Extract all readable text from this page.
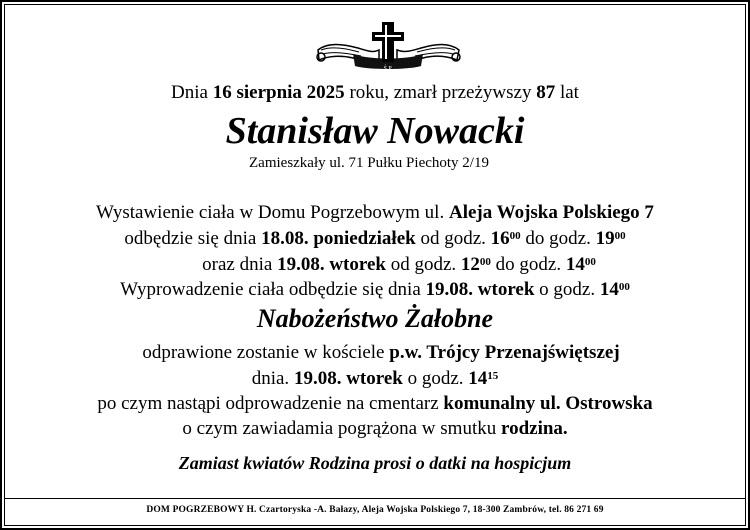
Ś.P.
Dnia 16 sierpnia 2025 roku, zmarł przeżywszy 87 lat
Stanisław Nowacki
Zamieszkały ul. 71 Pułku Piechoty 2/19
Wystawienie ciała w Domu Pogrzebowym ul. Aleja Wojska Polskiego 7
odbędzie się dnia 18.08. poniedziałek od godz. $16^{00}$ do godz. $19^{00}$
oraz dnia 19.08. wtorek od godz. $12^{00}$ do godz. $14^{00}$
Wyprowadzenie ciała odbędzie się dnia 19.08. wtorek o godz. $14^{00}$
Nabożeństwo Żałobne
odprawione zostanie w kościele p.w. Trójcy Przenajświętszej
dnia. 19.08. wtorek o godz. $14^{15}$
po czym nastąpi odprowadzenie na cmentarz komunalny ul. Ostrowska
o czym zawiadamia pogrążona w smutku rodzina.
Zamiast kwiatów Rodzina prosi o datki na hospicjum
DOM POGRZEBOWY H. Czartoryska -A. Bałazy, Aleja Wojska Polskiego 7, 18-300 Zambrów, tel. 86 271 69
